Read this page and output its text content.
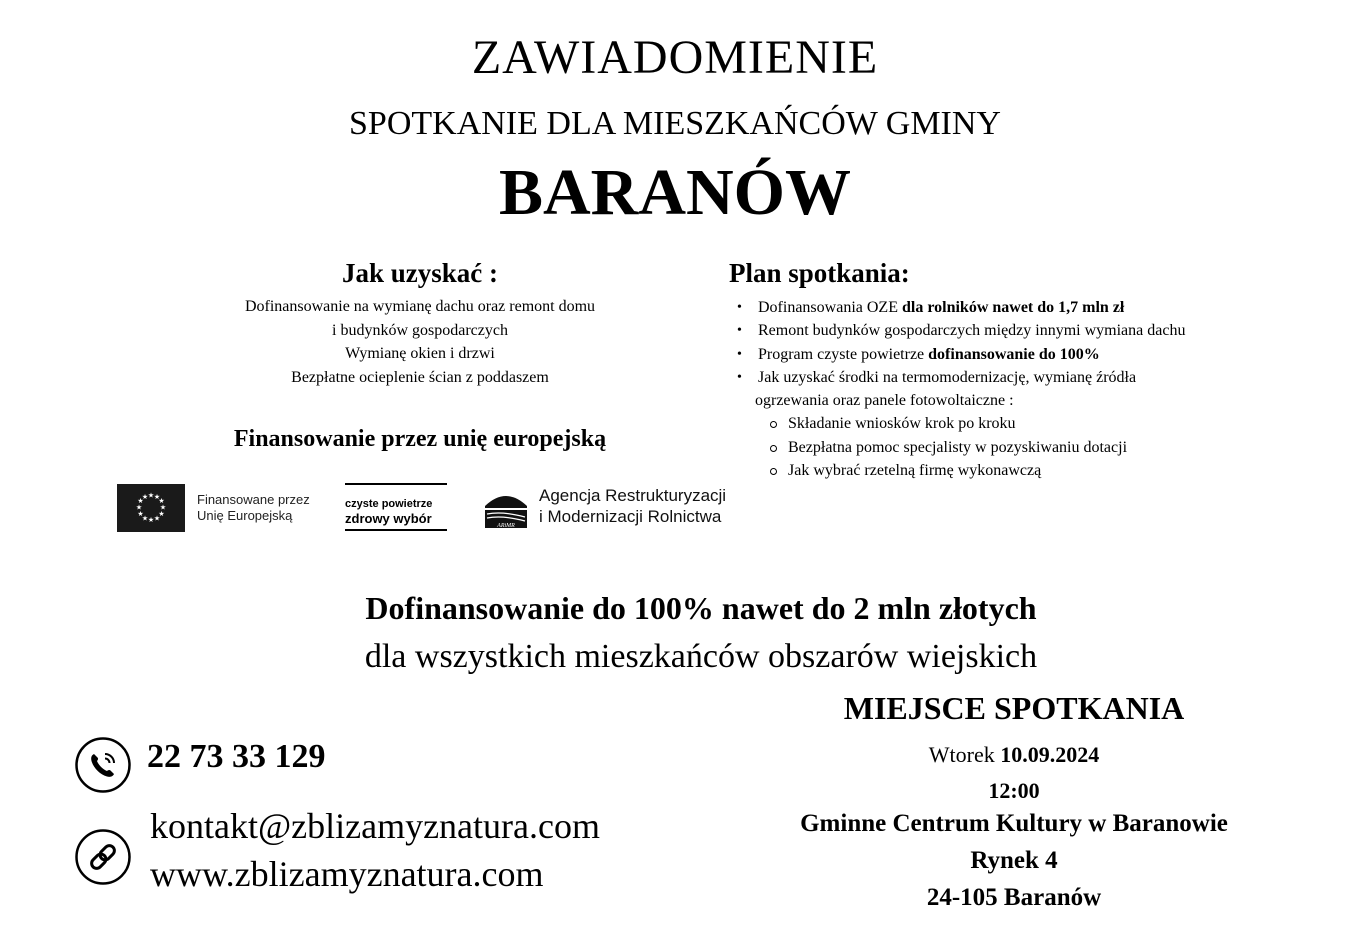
ZAWIADOMIENIE
SPOTKANIE DLA MIESZKAŃCÓW GMINY
BARANÓW
Jak uzyskać :
Dofinansowanie na wymianę dachu oraz remont domu
i budynków gospodarczych
Wymianę okien i drzwi
Bezpłatne ocieplenie ścian z poddaszem
Finansowanie przez unię europejską
★ ★
★
★
★
★
★
★
★
★
★
★	Finansowane przez
Unię Europejską
czyste powietrze
zdrowy wybór	ARiMR
Agencja Restrukturyzacji
i Modernizacji Rolnictwa
Plan spotkania:
• Dofinansowania OZE dla rolników nawet do 1,7 mln zł
• Remont budynków gospodarczych między innymi wymiana dachu
• Program czyste powietrze dofinansowanie do 100%
• Jak uzyskać środki na termomodernizację, wymianę źródła
ogrzewania oraz panele fotowoltaiczne :
Składanie wniosków krok po kroku
Bezpłatna pomoc specjalisty w pozyskiwaniu dotacji
Jak wybrać rzetelną firmę wykonawczą
Dofinansowanie do 100% nawet do 2 mln złotych
dla wszystkich mieszkańców obszarów wiejskich
22 73 33 129
kontakt@zblizamyznatura.com
www.zblizamyznatura.com
MIEJSCE SPOTKANIA
Wtorek 10.09.2024
12:00
Gminne Centrum Kultury w Baranowie
Rynek 4
24-105 Baranów
